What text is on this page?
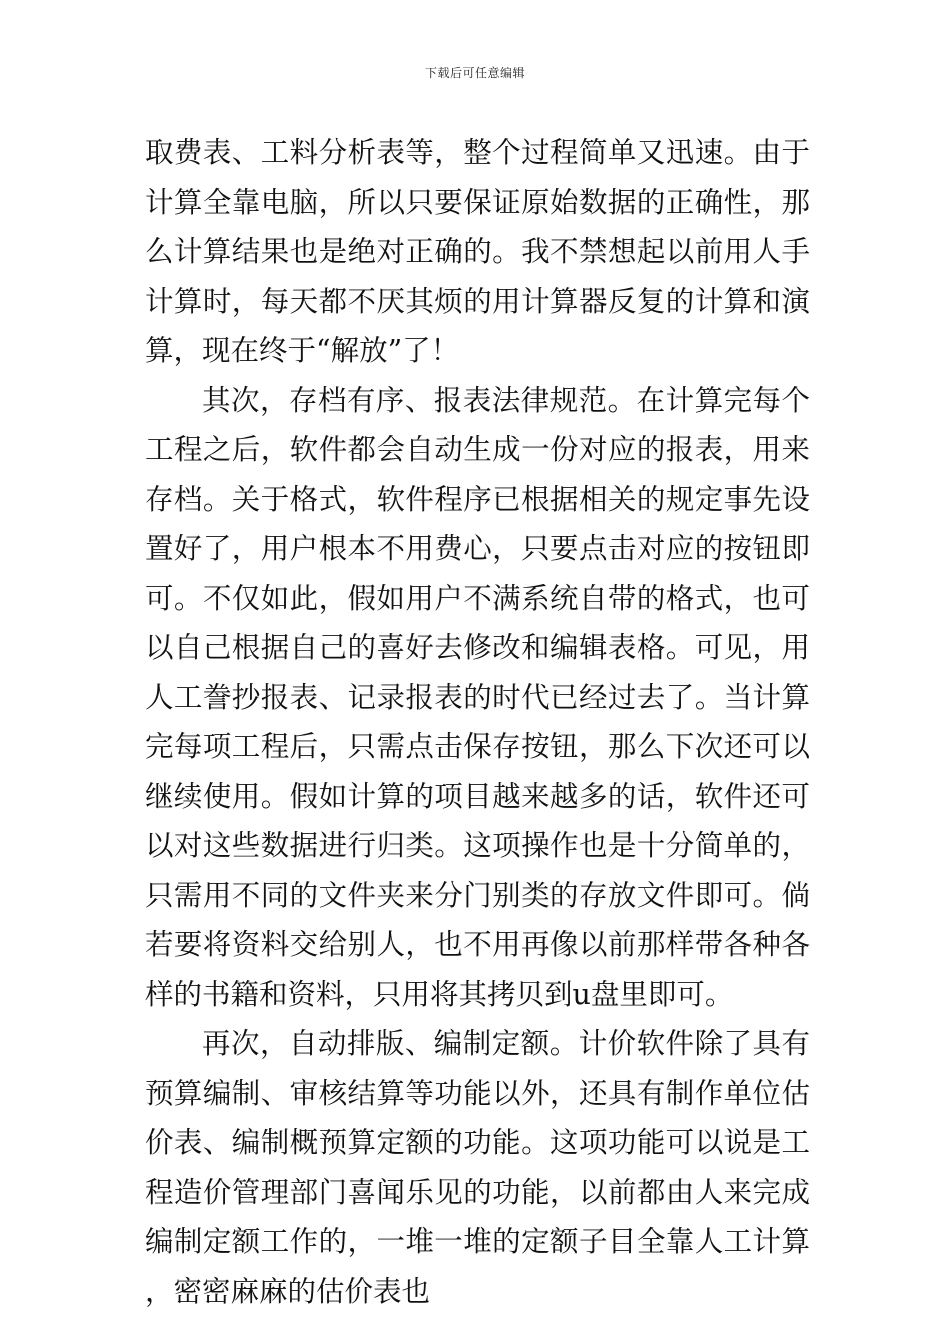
下载后可任意编辑

取费表、工料分析表等，整个过程简单又迅速。由于计算全靠电脑，所以只要保证原始数据的正确性，那么计算结果也是绝对正确的。我不禁想起以前用人手计算时，每天都不厌其烦的用计算器反复的计算和演算，现在终于“解放”了！

其次，存档有序、报表法律规范。在计算完每个工程之后，软件都会自动生成一份对应的报表，用来存档。关于格式，软件程序已根据相关的规定事先设置好了，用户根本不用费心，只要点击对应的按钮即可。不仅如此，假如用户不满系统自带的格式，也可以自己根据自己的喜好去修改和编辑表格。可见，用人工誊抄报表、记录报表的时代已经过去了。当计算完每项工程后，只需点击保存按钮，那么下次还可以继续使用。假如计算的项目越来越多的话，软件还可以对这些数据进行归类。这项操作也是十分简单的，只需用不同的文件夹来分门别类的存放文件即可。倘若要将资料交给别人，也不用再像以前那样带各种各样的书籍和资料，只用将其拷贝到u盘里即可。

再次，自动排版、编制定额。计价软件除了具有预算编制、审核结算等功能以外，还具有制作单位估价表、编制概预算定额的功能。这项功能可以说是工程造价管理部门喜闻乐见的功能，以前都由人来完成编制定额工作的，一堆一堆的定额子目全靠人工计算，密密麻麻的估价表也
